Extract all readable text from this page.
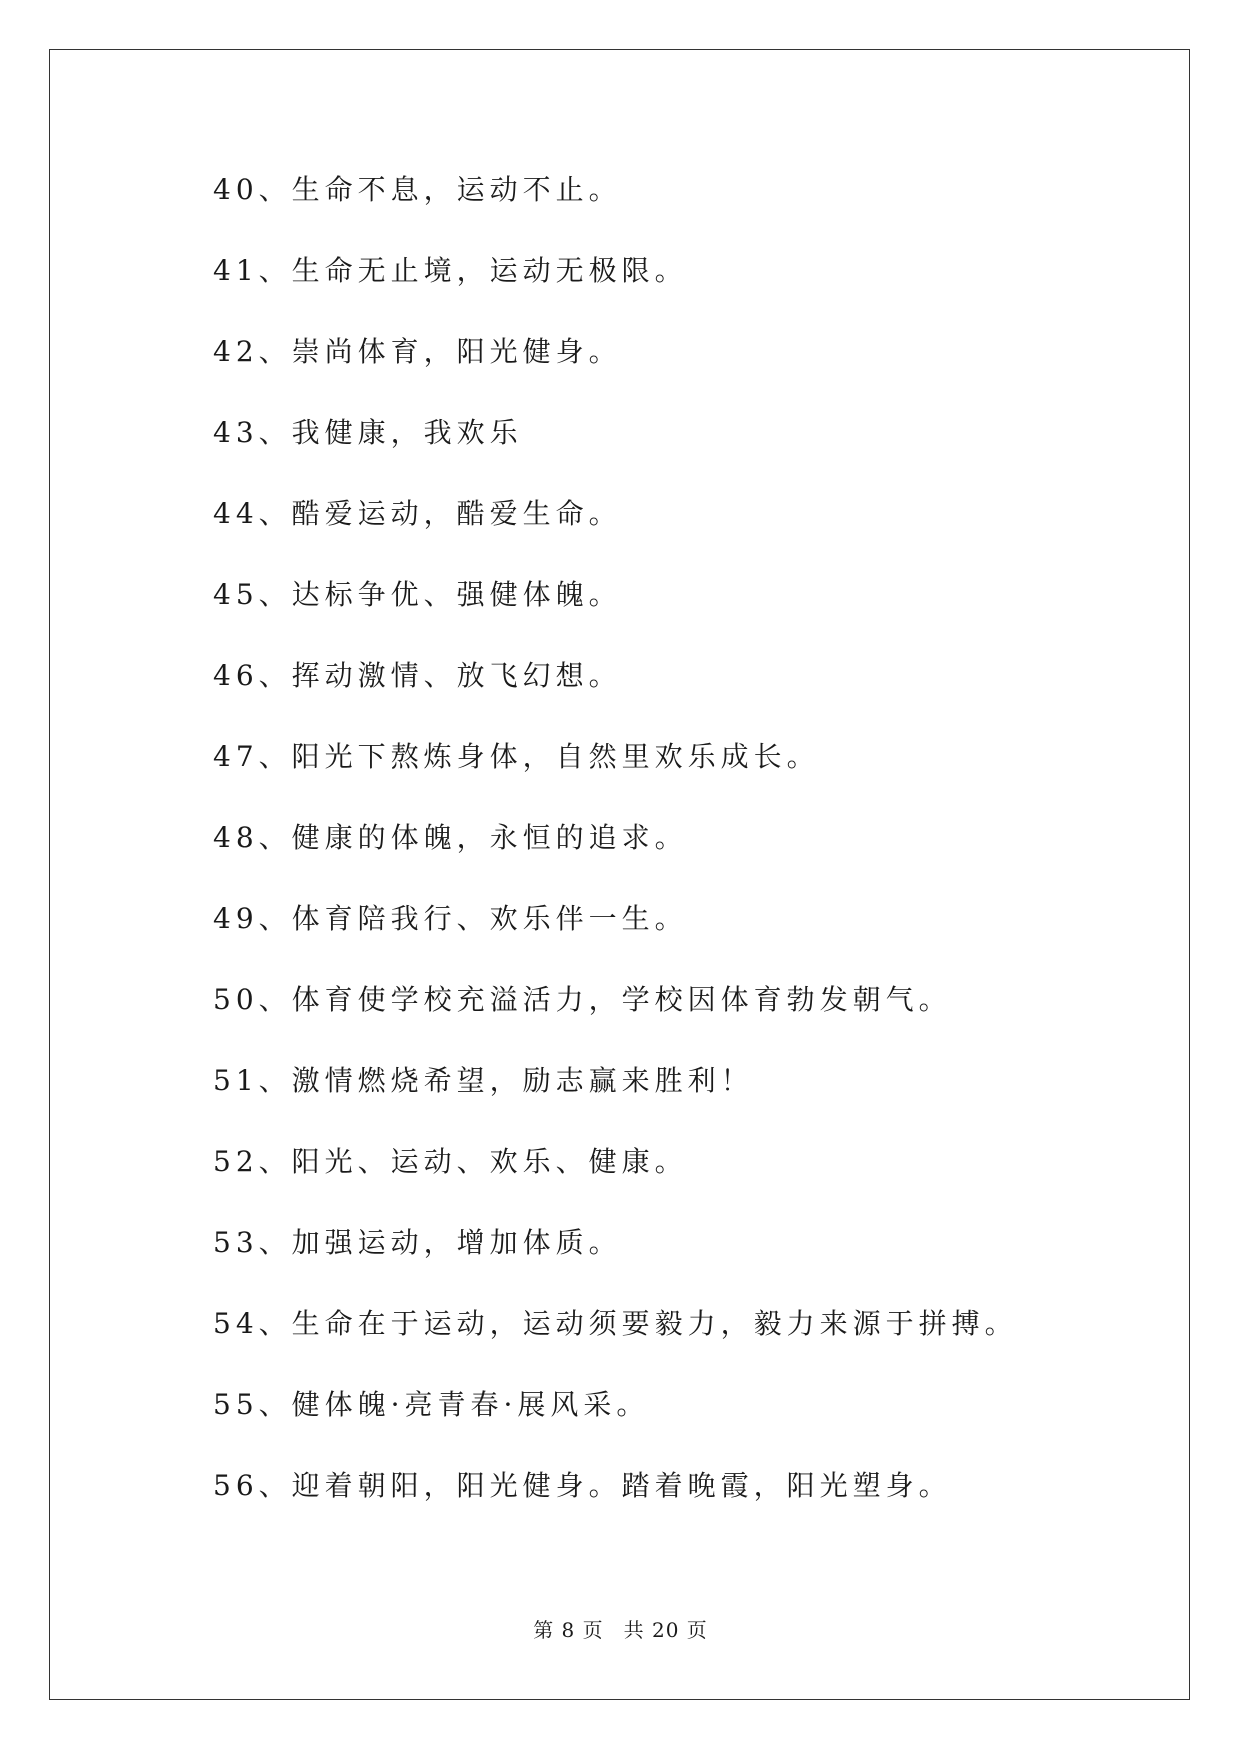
40、生命不息，运动不止。
41、生命无止境，运动无极限。
42、崇尚体育，阳光健身。
43、我健康，我欢乐
44、酷爱运动，酷爱生命。
45、达标争优、强健体魄。
46、挥动激情、放飞幻想。
47、阳光下熬炼身体，自然里欢乐成长。
48、健康的体魄，永恒的追求。
49、体育陪我行、欢乐伴一生。
50、体育使学校充溢活力，学校因体育勃发朝气。
51、激情燃烧希望，励志赢来胜利！
52、阳光、运动、欢乐、健康。
53、加强运动，增加体质。
54、生命在于运动，运动须要毅力，毅力来源于拼搏。
55、健体魄·亮青春·展风采。
56、迎着朝阳，阳光健身。踏着晚霞，阳光塑身。
第 8 页 共 20 页
